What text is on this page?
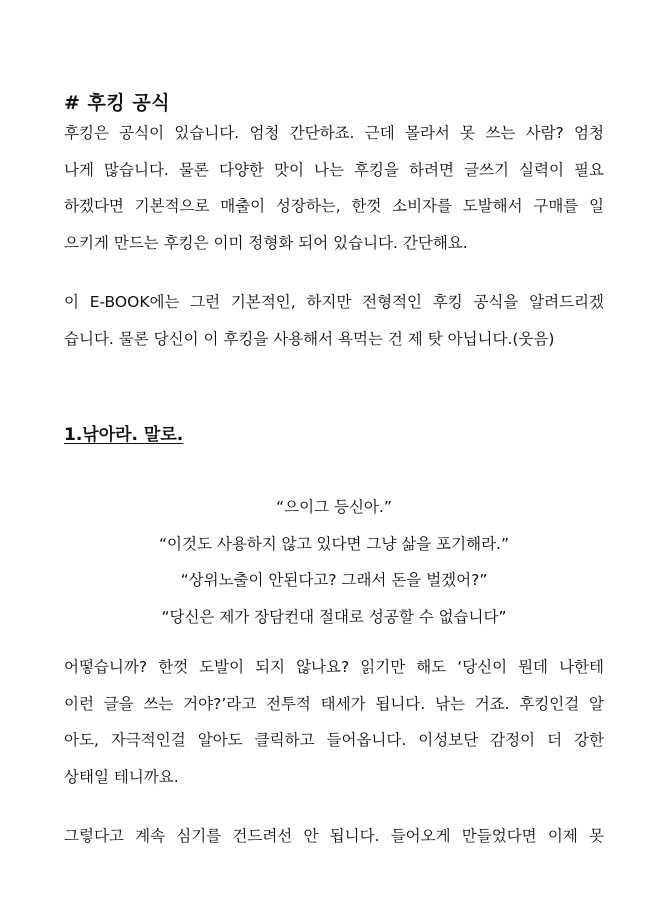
# 후킹 공식
후킹은 공식이 있습니다. 엄청 간단하죠. 근데 몰라서 못 쓰는 사람? 엄청
나게 많습니다. 물론 다양한 맛이 나는 후킹을 하려면 글쓰기 실력이 필요
하겠다면 기본적으로 매출이 성장하는, 한껏 소비자를 도발해서 구매를 일
으키게 만드는 후킹은 이미 정형화 되어 있습니다. 간단해요.
이 E-BOOK에는 그런 기본적인, 하지만 전형적인 후킹 공식을 알려드리겠
습니다. 물론 당신이 이 후킹을 사용해서 욕먹는 건 제 탓 아닙니다.(웃음)
1.낚아라. 말로.
“으이그 등신아.”
“이것도 사용하지 않고 있다면 그냥 삶을 포기해라.”
“상위노출이 안된다고? 그래서 돈을 벌겠어?”
“당신은 제가 장담컨대 절대로 성공할 수 없습니다”
어떻습니까? 한껏 도발이 되지 않나요? 읽기만 해도 ‘당신이 뭔데 나한테
이런 글을 쓰는 거야?’라고 전투적 태세가 됩니다. 낚는 거죠. 후킹인걸 알
아도, 자극적인걸 알아도 클릭하고 들어옵니다. 이성보단 감정이 더 강한
상태일 테니까요.
그렇다고 계속 심기를 건드려선 안 됩니다. 들어오게 만들었다면 이제 못
